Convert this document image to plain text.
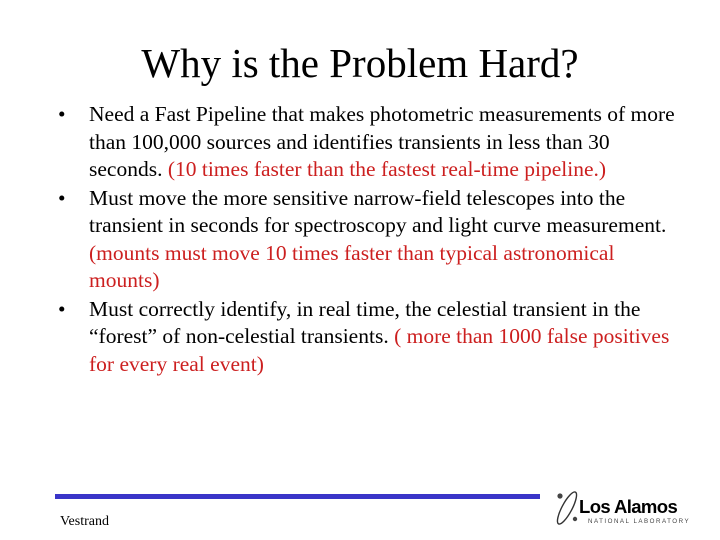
Why is the Problem Hard?
•	Need a Fast Pipeline that makes photometric measurements of more than 100,000 sources and identifies transients in less than 30 seconds. (10 times faster than the fastest real-time pipeline.)
•	Must move the more sensitive narrow-field telescopes into the transient in seconds for spectroscopy and light curve measurement. (mounts must move 10 times faster than typical astronomical mounts)
•	Must correctly identify, in real time, the celestial transient in the “forest” of non-celestial transients. ( more than 1000 false positives for every real event)
Vestrand
Los Alamos
NATIONAL LABORATORY
